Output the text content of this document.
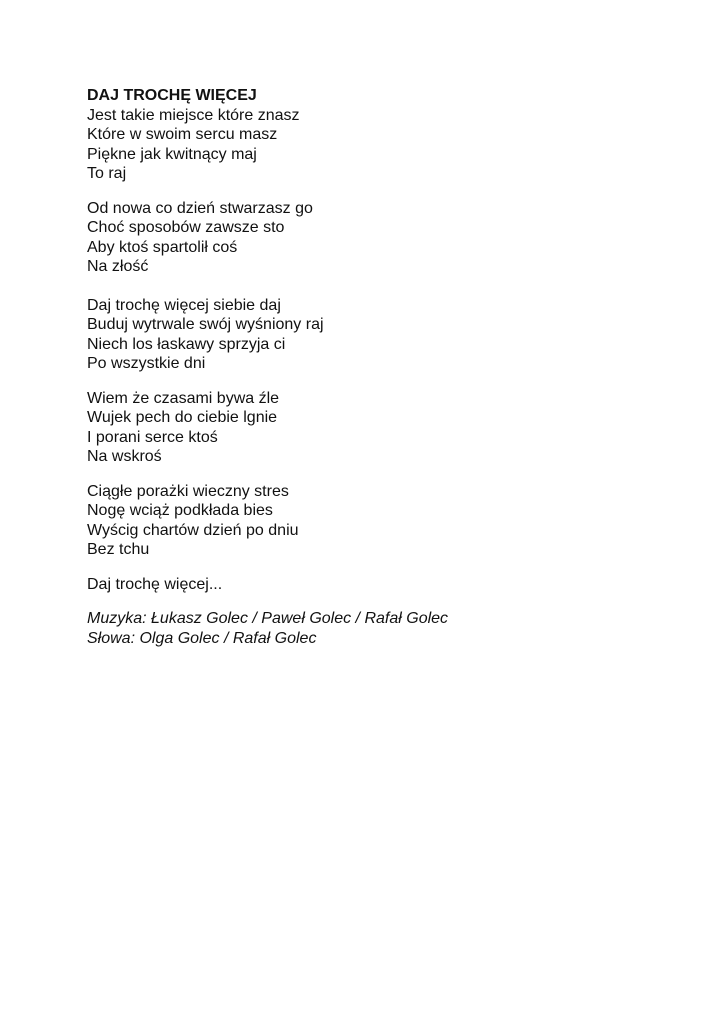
DAJ TROCHĘ WIĘCEJ
Jest takie miejsce które znasz
Które w swoim sercu masz
Piękne jak kwitnący maj
To raj
Od nowa co dzień stwarzasz go
Choć sposobów zawsze sto
Aby ktoś spartolił coś
Na złość
Daj trochę więcej siebie daj
Buduj wytrwale swój wyśniony raj
Niech los łaskawy sprzyja ci
Po wszystkie dni
Wiem że czasami bywa źle
Wujek pech do ciebie lgnie
I porani serce ktoś
Na wskroś
Ciągłe porażki wieczny stres
Nogę wciąż podkłada bies
Wyścig chartów dzień po dniu
Bez tchu
Daj trochę więcej...
Muzyka: Łukasz Golec / Paweł Golec / Rafał Golec
Słowa: Olga Golec / Rafał Golec
